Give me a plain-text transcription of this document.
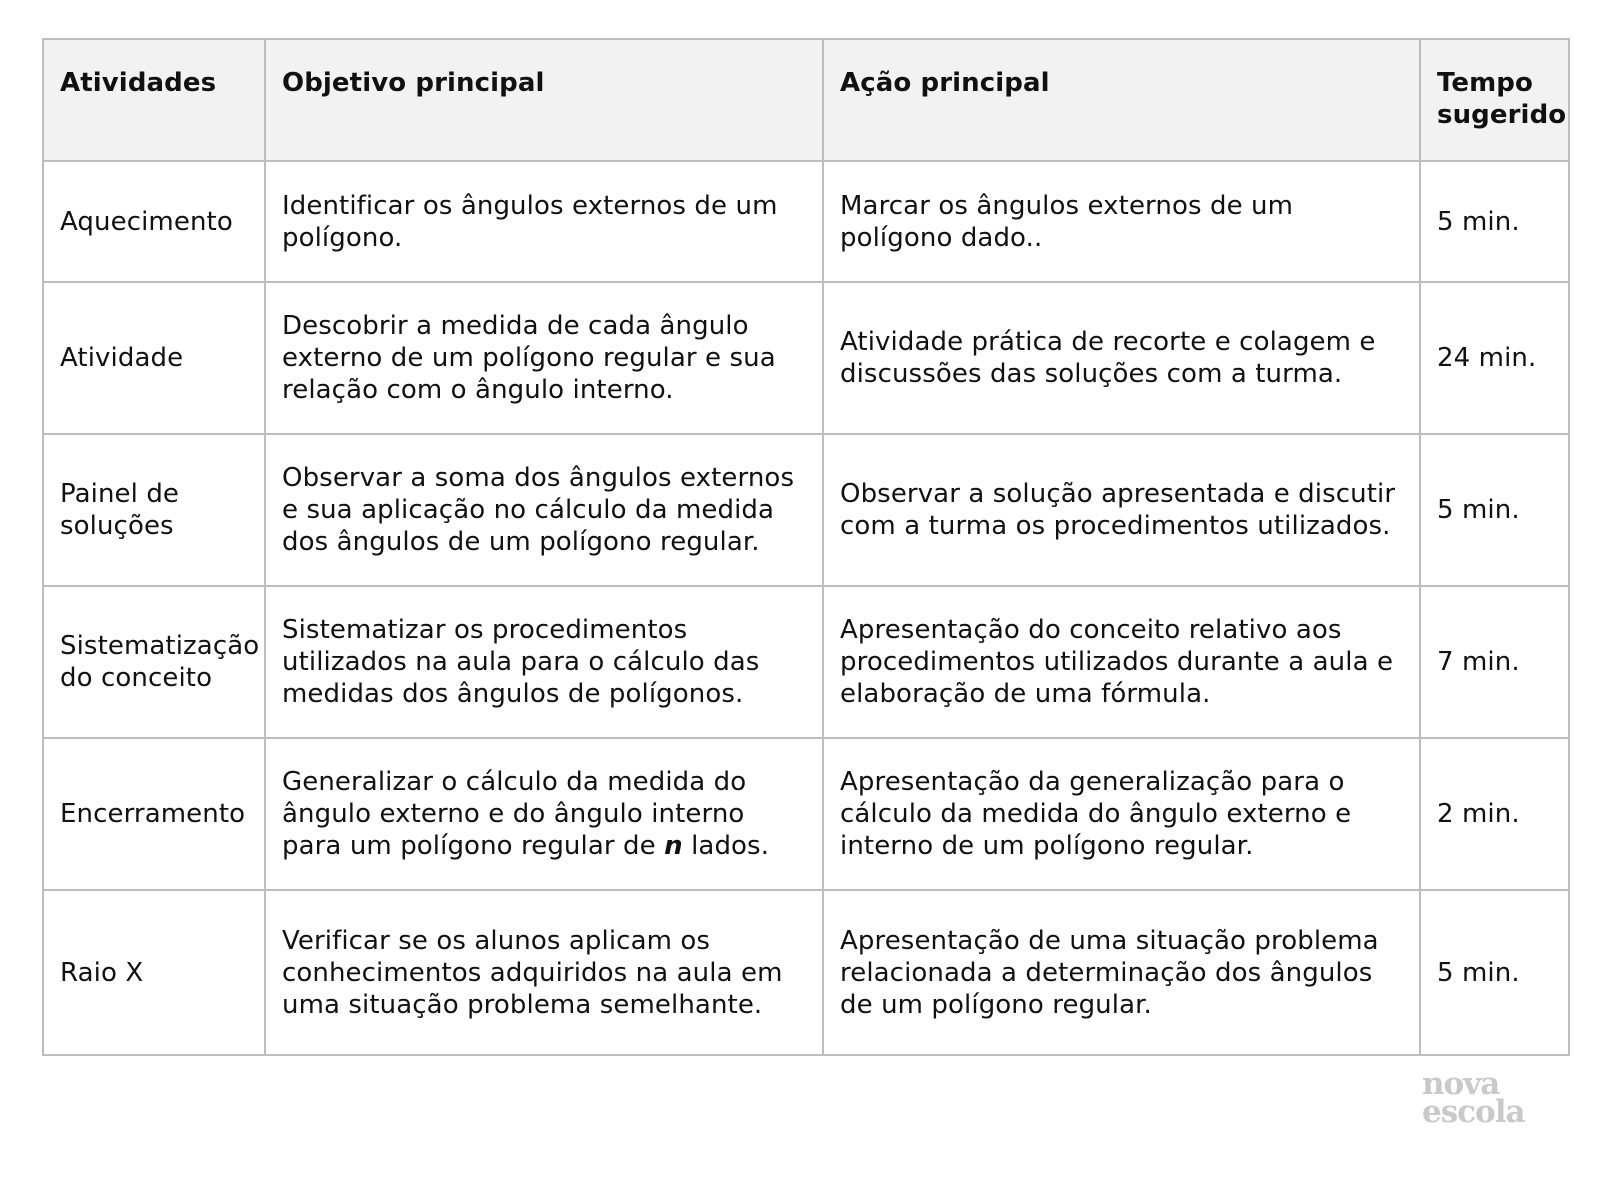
Atividades	Objetivo principal	Ação principal	Tempo sugerido
Aquecimento	Identificar os ângulos externos de um polígono.	Marcar os ângulos externos de um polígono dado..	5 min.
Atividade	Descobrir a medida de cada ângulo externo de um polígono regular e sua relação com o ângulo interno.	Atividade prática de recorte e colagem e discussões das soluções com a turma.	24 min.
Painel de soluções	Observar a soma dos ângulos externos e sua aplicação no cálculo da medida dos ângulos de um polígono regular.	Observar a solução apresentada e discutir com a turma os procedimentos utilizados.	5 min.
Sistematização do conceito	Sistematizar os procedimentos utilizados na aula para o cálculo das medidas dos ângulos de polígonos.	Apresentação do conceito relativo aos procedimentos utilizados durante a aula e elaboração de uma fórmula.	7 min.
Encerramento	Generalizar o cálculo da medida do ângulo externo e do ângulo interno para um polígono regular de n lados.	Apresentação da generalização para o cálculo da medida do ângulo externo e interno de um polígono regular.	2 min.
Raio X	Verificar se os alunos aplicam os conhecimentos adquiridos na aula em uma situação problema semelhante.	Apresentação de uma situação problema relacionada a determinação dos ângulos de um polígono regular.	5 min.
nova
escola
